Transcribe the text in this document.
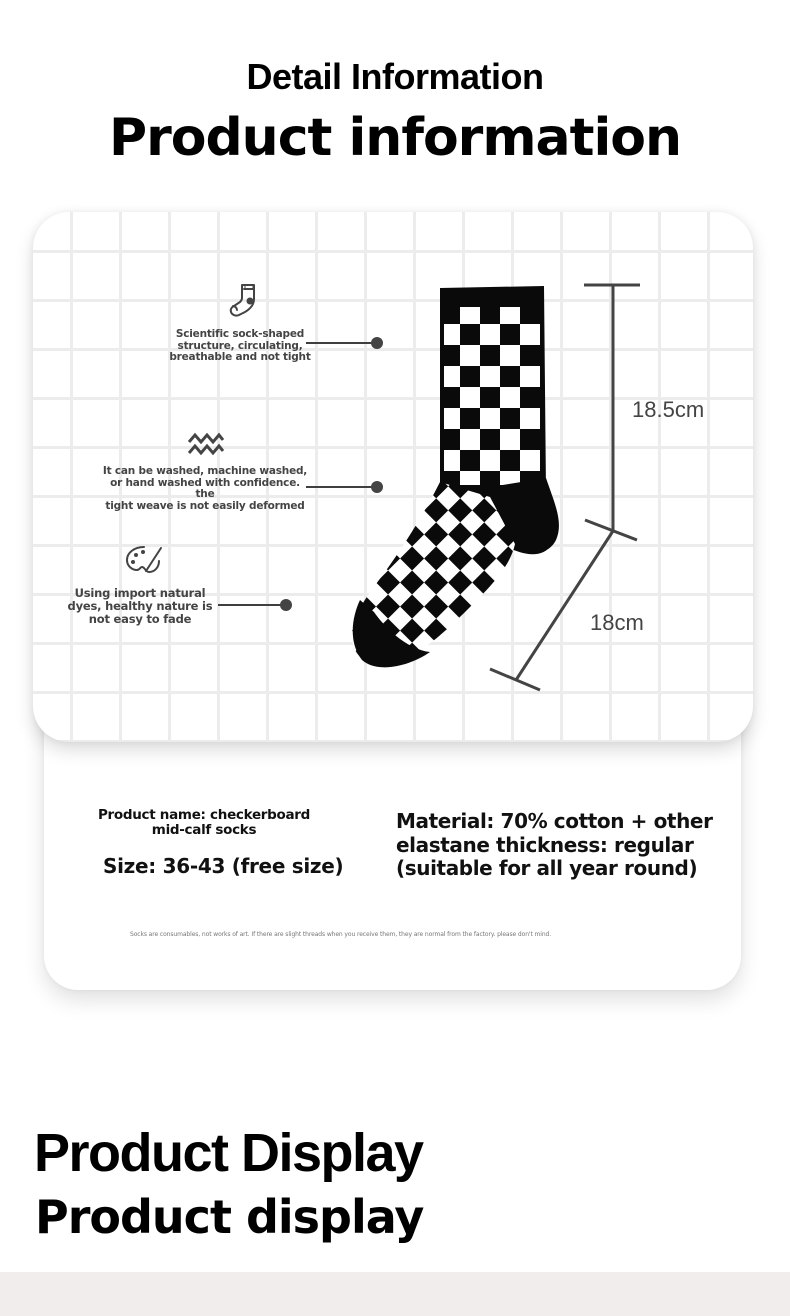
Detail Information
Product information
Scientific sock-shaped
structure, circulating,
breathable and not tight
It can be washed, machine washed,
or hand washed with confidence. the
tight weave is not easily deformed
Using import natural
dyes, healthy nature is
not easy to fade
18.5cm
18cm
Product name: checkerboard
mid-calf socks
Size: 36-43 (free size)
Material: 70% cotton + other
elastane thickness: regular
(suitable for all year round)
Socks are consumables, not works of art. If there are slight threads when you receive them, they are normal from the factory. please don't mind.
Product Display
Product display
